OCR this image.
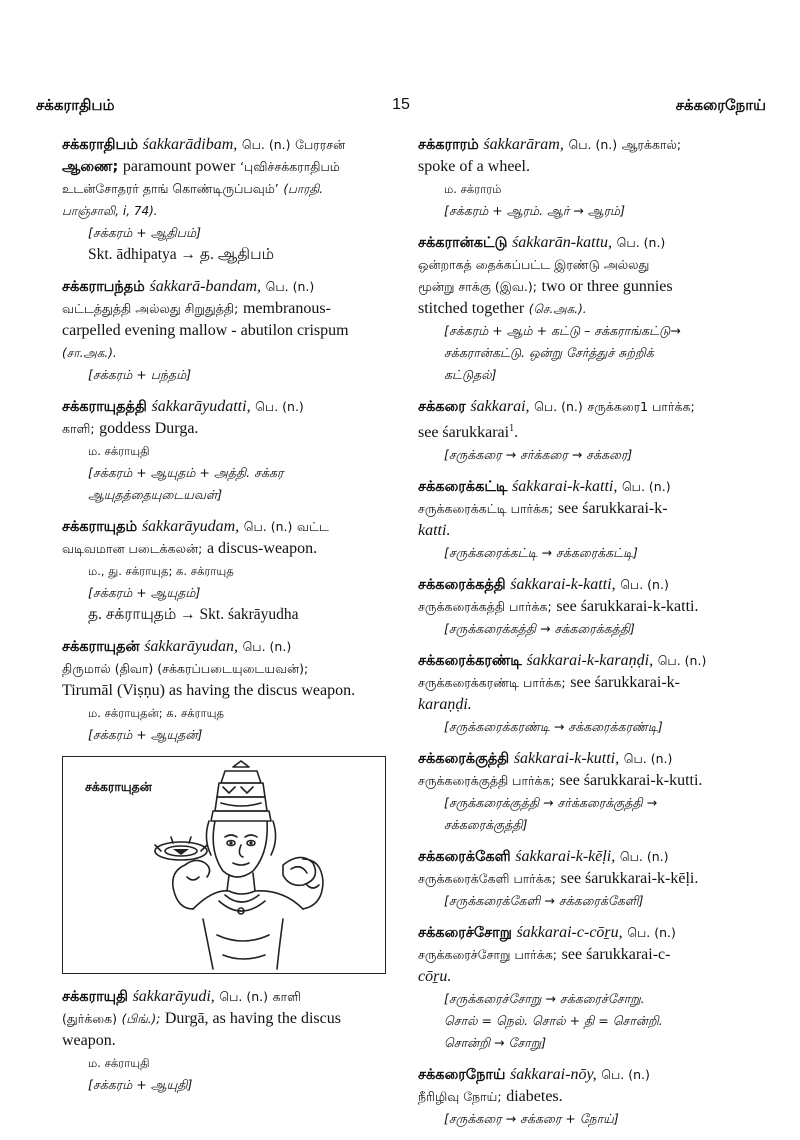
சக்கராதிபம்	15	சக்கரைநோய்
சக்கராதிபம் śakkarādibam, பெ. (n.) பேரரசன்
ஆணை; paramount power ‘புவிச்சக்கராதிபம்
உடன்சோதரர் தாங் கொண்டிருப்பவும்’ (பாரதி.
பாஞ்சாலி, i, 74).
[சக்கரம் + ஆதிபம்]
Skt. ādhipatya → த. ஆதிபம்
சக்கராபந்தம் śakkarā-bandam, பெ. (n.)
வட்டத்துத்தி அல்லது சிறுதுத்தி; membranous-
carpelled evening mallow - abutilon crispum
(சா.அக.).
[சக்கரம் + பந்தம்]
சக்கராயுதத்தி śakkarāyudatti, பெ. (n.)
காளி; goddess Durga.
ம. சக்ராயுதி
[சக்கரம் + ஆயுதம் + அத்தி. சக்கர
ஆயுதத்தையுடையவள்]
சக்கராயுதம் śakkarāyudam, பெ. (n.) வட்ட
வடிவமான படைக்கலன்; a discus-weapon.
ம., து. சக்ராயுத; க. சக்ராயுத
[சக்கரம் + ஆயுதம்]
த. சக்ராயுதம் → Skt. śakrāyudha
சக்கராயுதன் śakkarāyudan, பெ. (n.)
திருமால் (திவா) (சக்கரப்படையுடையவன்);
Tirumāl (Viṣṇu) as having the discus weapon.
ம. சக்ராயுதன்; க. சக்ராயுத
[சக்கரம் + ஆயுதன்]
சக்கராயுதன்
சக்கராயுதி śakkarāyudi, பெ. (n.) காளி
(துர்க்கை) (பிங்.); Durgā, as having the discus
weapon.
ம. சக்ராயுதி
[சக்கரம் + ஆயுதி]
சக்கராரம் śakkarāram, பெ. (n.) ஆரக்கால்;
spoke of a wheel.
ம. சக்ராரம்
[சக்கரம் + ஆரம். ஆர் → ஆரம்]
சக்கரான்கட்டு śakkarān-kattu, பெ. (n.)
ஒன்றாகத் தைக்கப்பட்ட இரண்டு அல்லது
மூன்று சாக்கு (இவ.); two or three gunnies
stitched together (செ.அக.).
[சக்கரம் + ஆம் + கட்டு – சக்கராங்கட்டு→
சக்கரான்கட்டு. ஒன்று சேர்த்துச் சுற்றிக்
கட்டுதல்]
சக்கரை śakkarai, பெ. (n.) சருக்கரை1 பார்க்க;
see śarukkarai$^1$.
[சருக்கரை → சர்க்கரை → சக்கரை]
சக்கரைக்கட்டி śakkarai-k-katti, பெ. (n.)
சருக்கரைக்கட்டி பார்க்க; see śarukkarai-k-
katti.
[சருக்கரைக்கட்டி → சக்கரைக்கட்டி]
சக்கரைக்கத்தி śakkarai-k-katti, பெ. (n.)
சருக்கரைக்கத்தி பார்க்க; see śarukkarai-k-katti.
[சருக்கரைக்கத்தி → சக்கரைக்கத்தி]
சக்கரைக்கரண்டி śakkarai-k-karaṇḍi, பெ. (n.)
சருக்கரைக்கரண்டி பார்க்க; see śarukkarai-k-
karaṇḍi.
[சருக்கரைக்கரண்டி → சக்கரைக்கரண்டி]
சக்கரைக்குத்தி śakkarai-k-kutti, பெ. (n.)
சருக்கரைக்குத்தி பார்க்க; see śarukkarai-k-kutti.
[சருக்கரைக்குத்தி → சர்க்கரைக்குத்தி →
சக்கரைக்குத்தி]
சக்கரைக்கேளி śakkarai-k-kēḷi, பெ. (n.)
சருக்கரைக்கேளி பார்க்க; see śarukkarai-k-kēḷi.
[சருக்கரைக்கேளி → சக்கரைக்கேளி]
சக்கரைச்சோறு śakkarai-c-cōṟu, பெ. (n.)
சருக்கரைச்சோறு பார்க்க; see śarukkarai-c-
cōṟu.
[சருக்கரைச்சோறு → சக்கரைச்சோறு.
சொல் = நெல். சொல் + தி = சொன்றி.
சொன்றி → சோறு]
சக்கரைநோய் śakkarai-nōy, பெ. (n.)
நீரிழிவு நோய்; diabetes.
[சருக்கரை → சக்கரை + நோய்]
